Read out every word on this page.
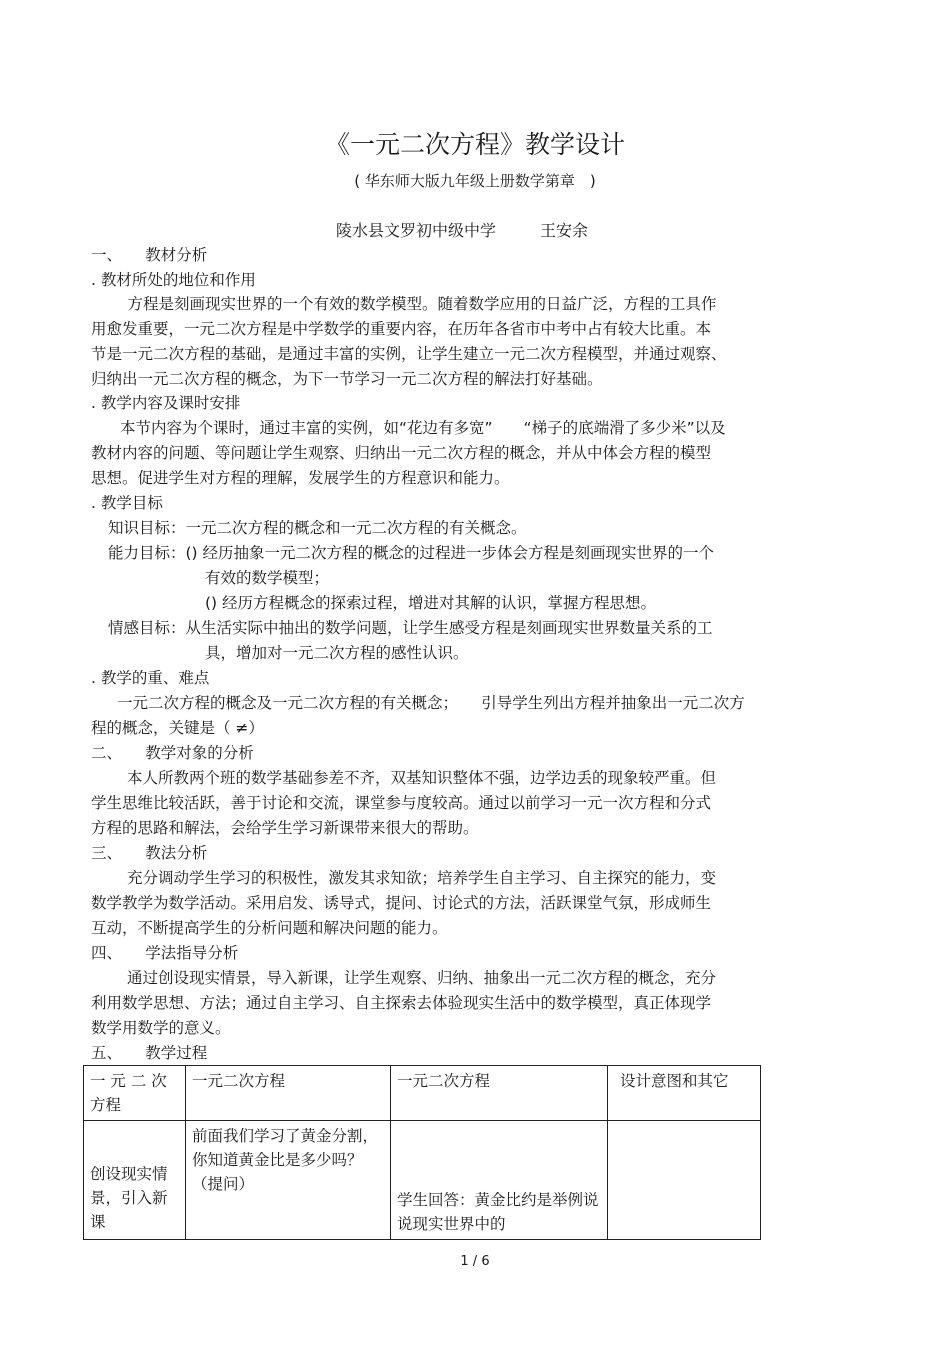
《一元二次方程》教学设计
( 华东师大版九年级上册数学第章　)
陵水县文罗初中级中学	王安余
一、　　教材分析
. 教材所处的地位和作用
　方程是刻画现实世界的一个有效的数学模型。随着数学应用的日益广泛，方程的工具作
用愈发重要，一元二次方程是中学数学的重要内容，在历年各省市中考中占有较大比重。本
节是一元二次方程的基础，是通过丰富的实例，让学生建立一元二次方程模型，并通过观察、
归纳出一元二次方程的概念，为下一节学习一元二次方程的解法打好基础。
. 教学内容及课时安排
本节内容为个课时，通过丰富的实例，如“花边有多宽”　　“梯子的底端滑了多少米”以及
教材内容的问题、等问题让学生观察、归纳出一元二次方程的概念，并从中体会方程的模型
思想。促进学生对方程的理解，发展学生的方程意识和能力。
. 教学目标
知识目标：一元二次方程的概念和一元二次方程的有关概念。
能力目标：() 经历抽象一元二次方程的概念的过程进一步体会方程是刻画现实世界的一个
有效的数学模型；
() 经历方程概念的探索过程，增进对其解的认识，掌握方程思想。
情感目标：从生活实际中抽出的数学问题，让学生感受方程是刻画现实世界数量关系的工
具，增加对一元二次方程的感性认识。
. 教学的重、难点
一元二次方程的概念及一元二次方程的有关概念；　　引导学生列出方程并抽象出一元二次方
程的概念，关键是（ ≠）
二、　　教学对象的分析
本人所教两个班的数学基础参差不齐，双基知识整体不强，边学边丢的现象较严重。但
学生思维比较活跃，善于讨论和交流，课堂参与度较高。通过以前学习一元一次方程和分式
方程的思路和解法，会给学生学习新课带来很大的帮助。
三、　　教法分析
充分调动学生学习的积极性，激发其求知欲；培养学生自主学习、自主探究的能力，变
数学教学为数学活动。采用启发、诱导式，提问、讨论式的方法，活跃课堂气氛，形成师生
互动，不断提高学生的分析问题和解决问题的能力。
四、　　学法指导分析
通过创设现实情景，导入新课，让学生观察、归纳、抽象出一元二次方程的概念，充分
利用数学思想、方法；通过自主学习、自主探索去体验现实生活中的数学模型，真正体现学
数学用数学的意义。
五、　　教学过程
一 元 二 次 方程	一元二次方程	一元二次方程	设计意图和其它

创设现实情景，引入新课	前面我们学习了黄金分割，你知道黄金比是多少吗？（提问）	学生回答：黄金比约是举例说说现实世界中的	

1 / 6
